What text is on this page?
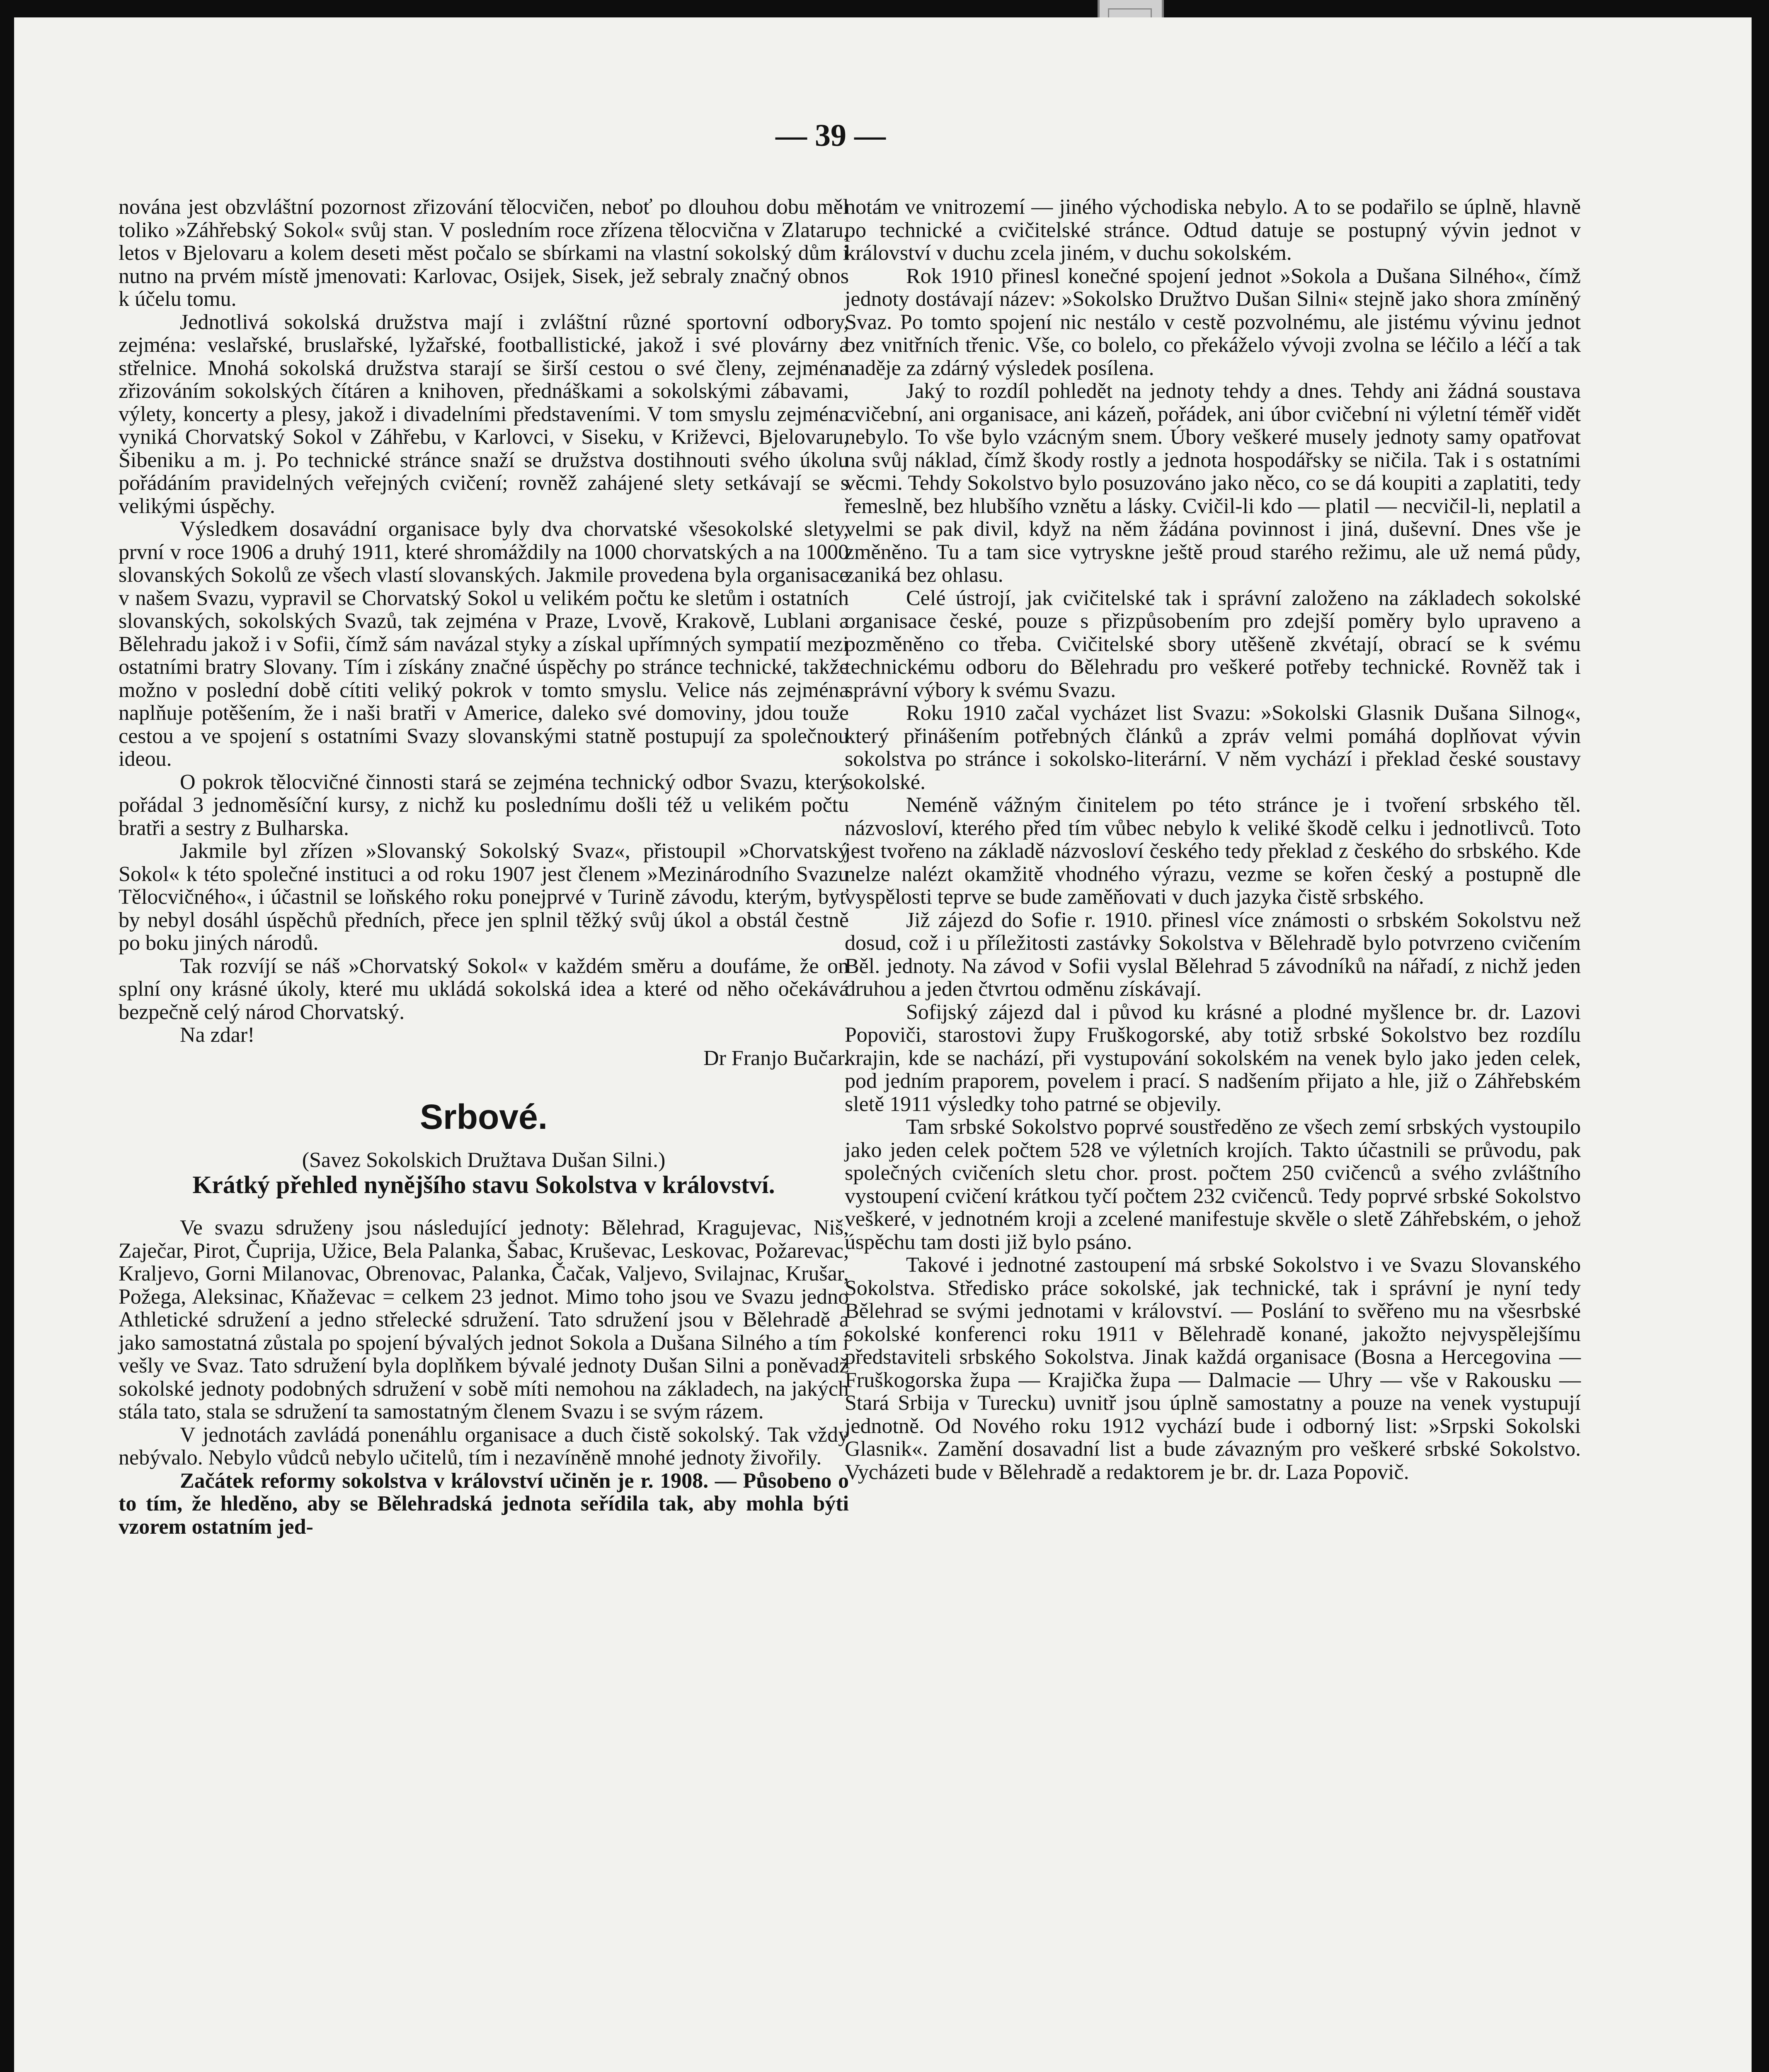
— 39 —

nována jest obzvláštní pozornost zřizování tělocvičen, neboť po dlouhou dobu měl toliko »Záhřebský Sokol« svůj stan. V posledním roce zřízena tělocvična v Zlataru, letos v Bjelovaru a kolem deseti měst počalo se sbírkami na vlastní sokolský dům i nutno na prvém místě jmenovati: Karlovac, Osijek, Sisek, jež sebraly značný obnos k účelu tomu.

Jednotlivá sokolská družstva mají i zvláštní různé sportovní odbory, zejména: veslařské, bruslařské, lyžařské, footballistické, jakož i své plovárny a střelnice. Mnohá sokolská družstva starají se širší cestou o své členy, zejména zřizováním sokolských čítáren a knihoven, přednáškami a sokolskými zábavami, výlety, koncerty a plesy, jakož i divadelními představeními. V tom smyslu zejména vyniká Chorvatský Sokol v Záhřebu, v Karlovci, v Siseku, v Križevci, Bjelovaru, Šibeniku a m. j. Po technické stránce snaží se družstva dostihnouti svého úkolu pořádáním pravidelných veřejných cvičení; rovněž zahájené slety setkávají se s velikými úspěchy.

Výsledkem dosavádní organisace byly dva chorvatské všesokolské slety, první v roce 1906 a druhý 1911, které shromáždily na 1000 chorvatských a na 1000 slovanských Sokolů ze všech vlastí slovanských. Jakmile provedena byla organisace v našem Svazu, vypravil se Chorvatský Sokol u velikém počtu ke sletům i ostatních slovanských, sokolských Svazů, tak zejména v Praze, Lvově, Krakově, Lublani a Bělehradu jakož i v Sofii, čímž sám navázal styky a získal upřímných sympatií mezi ostatními bratry Slovany. Tím i získány značné úspěchy po stránce technické, takže možno v poslední době cítiti veliký pokrok v tomto smyslu. Velice nás zejména naplňuje potěšením, že i naši bratři v Americe, daleko své domoviny, jdou touže cestou a ve spojení s ostatními Svazy slovanskými statně postupují za společnou ideou.

O pokrok tělocvičné činnosti stará se zejména technický odbor Svazu, který pořádal 3 jednoměsíční kursy, z nichž ku poslednímu došli též u velikém počtu bratři a sestry z Bulharska.

Jakmile byl zřízen »Slovanský Sokolský Svaz«, přistoupil »Chorvatský Sokol« k této společné instituci a od roku 1907 jest členem »Mezinárodního Svazu Tělocvičného«, i účastnil se loňského roku ponejprvé v Turině závodu, kterým, byť by nebyl dosáhl úspěchů předních, přece jen splnil těžký svůj úkol a obstál čestně po boku jiných národů.

Tak rozvíjí se náš »Chorvatský Sokol« v každém směru a doufáme, že on splní ony krásné úkoly, které mu ukládá sokolská idea a které od něho očekává bezpečně celý národ Chorvatský.

Na zdar!

Dr Franjo Bučar.

Srbové.

(Savez Sokolskich Družtava Dušan Silni.)

Krátký přehled nynějšího stavu Sokolstva v království.

Ve svazu sdruženy jsou následující jednoty: Bělehrad, Kragujevac, Niš, Zaječar, Pirot, Čuprija, Užice, Bela Palanka, Šabac, Kruševac, Leskovac, Požarevac, Kraljevo, Gorni Milanovac, Obrenovac, Palanka, Čačak, Valjevo, Svilajnac, Krušar, Požega, Aleksinac, Kňaževac = celkem 23 jednot. Mimo toho jsou ve Svazu jedno Athletické sdružení a jedno střelecké sdružení. Tato sdružení jsou v Bělehradě a jako samostatná zůstala po spojení bývalých jednot Sokola a Dušana Silného a tím i vešly ve Svaz. Tato sdružení byla doplňkem bývalé jednoty Dušan Silni a poněvadž sokolské jednoty podobných sdružení v sobě míti nemohou na základech, na jakých stála tato, stala se sdružení ta samostatným členem Svazu i se svým rázem.

V jednotách zavládá ponenáhlu organisace a duch čistě sokolský. Tak vždy nebývalo. Nebylo vůdců nebylo učitelů, tím i nezavíněně mnohé jednoty živořily.

Začátek reformy sokolstva v království učiněn je r. 1908. — Působeno o to tím, že hleděno, aby se Bělehradská jednota seřídila tak, aby mohla býti vzorem ostatním jed-

notám ve vnitrozemí — jiného východiska nebylo. A to se podařilo se úplně, hlavně po technické a cvičitelské stránce. Odtud datuje se postupný vývin jednot v království v duchu zcela jiném, v duchu sokolském.

Rok 1910 přinesl konečné spojení jednot »Sokola a Dušana Silného«, čímž jednoty dostávají název: »Sokolsko Družtvo Dušan Silni« stejně jako shora zmíněný Svaz. Po tomto spojení nic nestálo v cestě pozvolnému, ale jistému vývinu jednot bez vnitřních třenic. Vše, co bolelo, co překáželo vývoji zvolna se léčilo a léčí a tak naděje za zdárný výsledek posílena.

Jaký to rozdíl pohledět na jednoty tehdy a dnes. Tehdy ani žádná soustava cvičební, ani organisace, ani kázeň, pořádek, ani úbor cvičební ni výletní téměř vidět nebylo. To vše bylo vzácným snem. Úbory veškeré musely jednoty samy opatřovat na svůj náklad, čímž škody rostly a jednota hospodářsky se ničila. Tak i s ostatními věcmi. Tehdy Sokolstvo bylo posuzováno jako něco, co se dá koupiti a zaplatiti, tedy řemeslně, bez hlubšího vznětu a lásky. Cvičil-li kdo — platil — necvičil-li, neplatil a velmi se pak divil, když na něm žádána povinnost i jiná, duševní. Dnes vše je změněno. Tu a tam sice vytryskne ještě proud starého režimu, ale už nemá půdy, zaniká bez ohlasu.

Celé ústrojí, jak cvičitelské tak i správní založeno na základech sokolské organisace české, pouze s přizpůsobením pro zdejší poměry bylo upraveno a pozměněno co třeba. Cvičitelské sbory utěšeně zkvétají, obrací se k svému technickému odboru do Bělehradu pro veškeré potřeby technické. Rovněž tak i správní výbory k svému Svazu.

Roku 1910 začal vycházet list Svazu: »Sokolski Glasnik Dušana Silnog«, který přinášením potřebných článků a zpráv velmi pomáhá doplňovat vývin sokolstva po stránce i sokolsko-literární. V něm vychází i překlad české soustavy sokolské.

Neméně vážným činitelem po této stránce je i tvoření srbského těl. názvosloví, kterého před tím vůbec nebylo k veliké škodě celku i jednotlivců. Toto jest tvořeno na základě názvosloví českého tedy překlad z českého do srbského. Kde nelze nalézt okamžitě vhodného výrazu, vezme se kořen český a postupně dle vyspělosti teprve se bude zaměňovati v duch jazyka čistě srbského.

Již zájezd do Sofie r. 1910. přinesl více známosti o srbském Sokolstvu než dosud, což i u příležitosti zastávky Sokolstva v Bělehradě bylo potvrzeno cvičením Běl. jednoty. Na závod v Sofii vyslal Bělehrad 5 závodníků na nářadí, z nichž jeden druhou a jeden čtvrtou odměnu získávají.

Sofijský zájezd dal i původ ku krásné a plodné myšlence br. dr. Lazovi Popoviči, starostovi župy Fruškogorské, aby totiž srbské Sokolstvo bez rozdílu krajin, kde se nachází, při vystupování sokolském na venek bylo jako jeden celek, pod jedním praporem, povelem i prací. S nadšením přijato a hle, již o Záhřebském sletě 1911 výsledky toho patrné se objevily.

Tam srbské Sokolstvo poprvé soustředěno ze všech zemí srbských vystoupilo jako jeden celek počtem 528 ve výletních krojích. Takto účastnili se průvodu, pak společných cvičeních sletu chor. prost. počtem 250 cvičenců a svého zvláštního vystoupení cvičení krátkou tyčí počtem 232 cvičenců. Tedy poprvé srbské Sokolstvo veškeré, v jednotném kroji a zcelené manifestuje skvěle o sletě Záhřebském, o jehož úspěchu tam dosti již bylo psáno.

Takové i jednotné zastoupení má srbské Sokolstvo i ve Svazu Slovanského Sokolstva. Středisko práce sokolské, jak technické, tak i správní je nyní tedy Bělehrad se svými jednotami v království. — Poslání to svěřeno mu na všesrbské sokolské konferenci roku 1911 v Bělehradě konané, jakožto nejvyspělejšímu představiteli srbského Sokolstva. Jinak každá organisace (Bosna a Hercegovina — Fruškogorska župa — Krajička župa — Dalmacie — Uhry — vše v Rakousku — Stará Srbija v Turecku) uvnitř jsou úplně samostatny a pouze na venek vystupují jednotně. Od Nového roku 1912 vychází bude i odborný list: »Srpski Sokolski Glasnik«. Zamění dosavadní list a bude závazným pro veškeré srbské Sokolstvo. Vycházeti bude v Bělehradě a redaktorem je br. dr. Laza Popovič.
